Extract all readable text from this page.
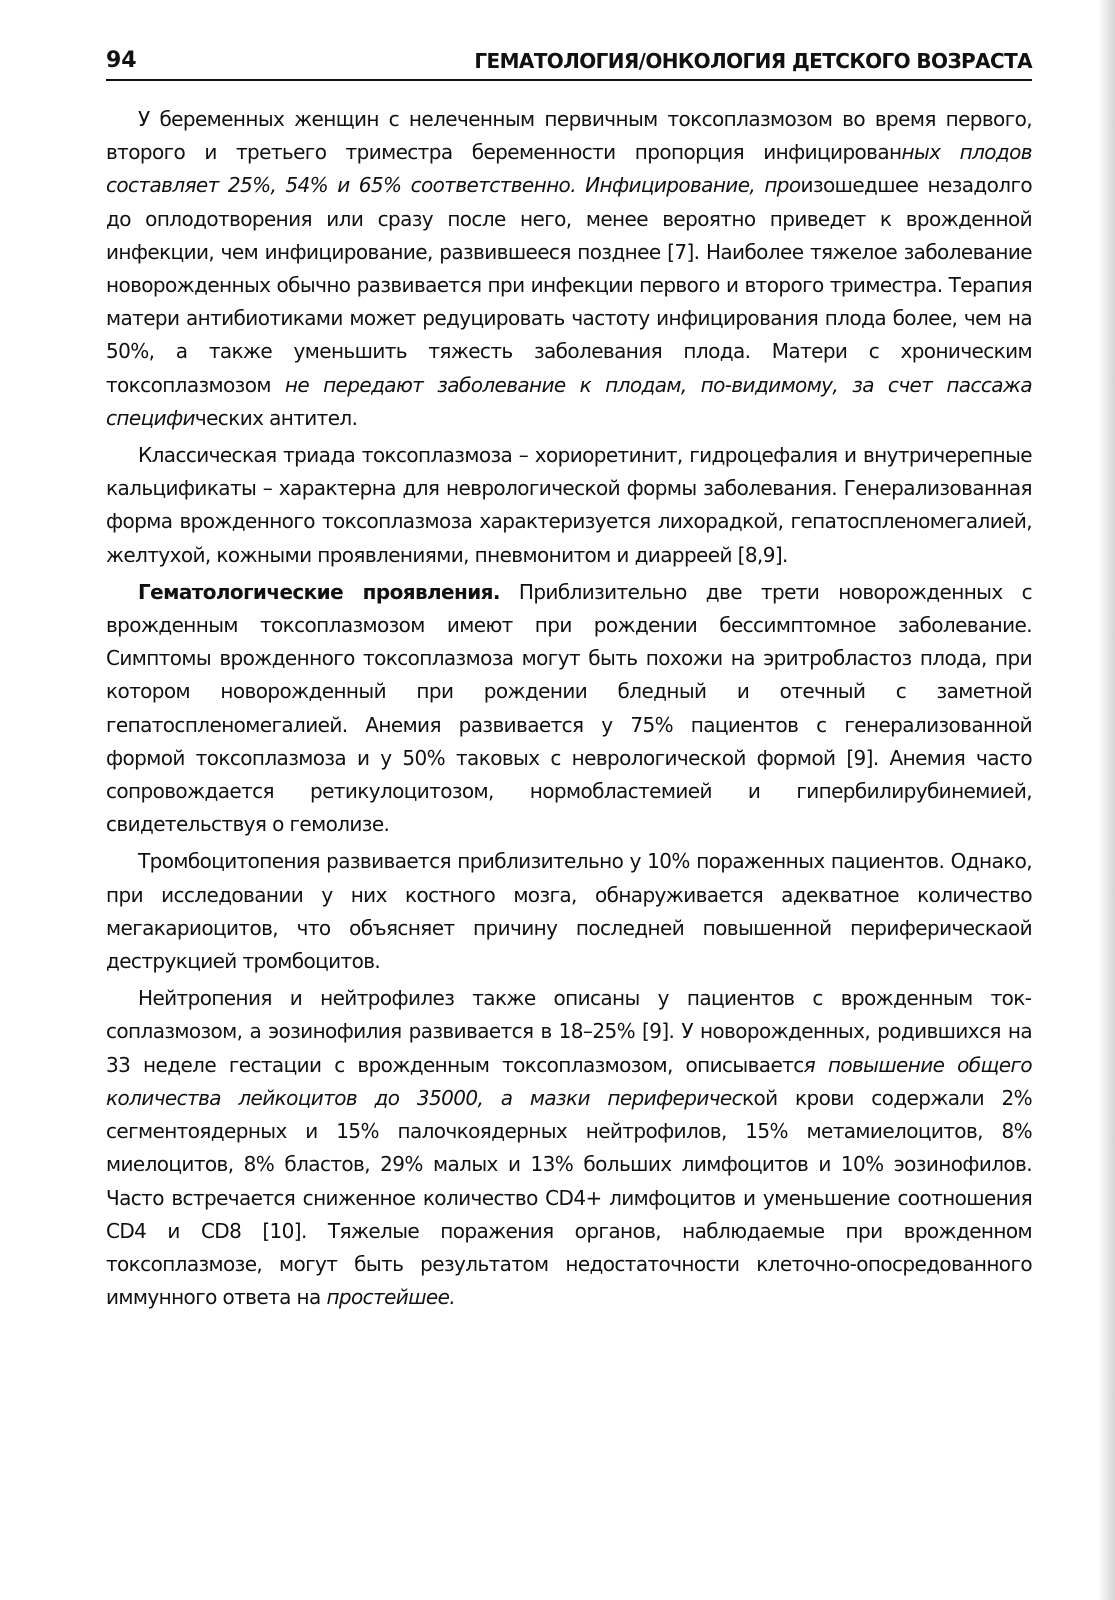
94	ГЕМАТОЛОГИЯ/ОНКОЛОГИЯ ДЕТСКОГО ВОЗРАСТА

У беременных женщин с нелеченным первичным токсоплазмозом во время первого, второго и третьего триместра беременности пропорция инфицированных плодов составляет 25%, 54% и 65% соответственно. Инфицирование, произошедшее незадолго до оплодотворения или сразу после него, менее вероятно приведет к врожденной инфекции, чем инфицирование, развившееся позднее [7]. Наиболее тяжелое заболевание новорожденных обычно развивается при инфекции первого и второго триместра. Терапия матери антибиотиками может редуцировать частоту инфицирования плода более, чем на 50%, а также уменьшить тяжесть заболевания плода. Матери с хроническим токсоплазмозом не передают заболевание к плодам, по-видимому, за счет пассажа специфических антител.

Классическая триада токсоплазмоза – хориоретинит, гидроцефалия и внутричерепные кальцификаты – характерна для неврологической формы заболевания. Генерализованная форма врожденного токсоплазмоза характеризуется лихорадкой, гепатоспленомегалией, желтухой, кожными проявлениями, пневмонитом и диарреей [8,9].

Гематологические проявления. Приблизительно две трети новорожденных с врожденным токсоплазмозом имеют при рождении бессимптомное заболевание. Симптомы врожденного токсоплазмоза могут быть похожи на эритробластоз плода, при котором новорожденный при рождении бледный и отечный с заметной гепатоспленомегалией. Анемия развивается у 75% пациентов с генерализованной формой токсоплазмоза и у 50% таковых с неврологической формой [9]. Анемия часто сопровождается ретикулоцитозом, нормобластемией и гипербилирубинемией, свидетельствуя о гемолизе.

Тромбоцитопения развивается приблизительно у 10% пораженных пациентов. Однако, при исследовании у них костного мозга, обнаруживается адекватное количество мегакариоцитов, что объясняет причину последней повышенной периферическаой деструкцией тромбоцитов.

Нейтропения и нейтрофилез также описаны у пациентов с врожденным токсоплазмозом, а эозинофилия развивается в 18–25% [9]. У новорожденных, родившихся на 33 неделе гестации с врожденным токсоплазмозом, описывается повышение общего количества лейкоцитов до 35000, а мазки периферической крови содержали 2% сегментоядерных и 15% палочкоядерных нейтрофилов, 15% метамиелоцитов, 8% миелоцитов, 8% бластов, 29% малых и 13% больших лимфоцитов и 10% эозинофилов. Часто встречается сниженное количество CD4+ лимфоцитов и уменьшение соотношения CD4 и CD8 [10]. Тяжелые поражения органов, наблюдаемые при врожденном токсоплазмозе, могут быть результатом недостаточности клеточно-опосредованного иммунного ответа на простейшее.
